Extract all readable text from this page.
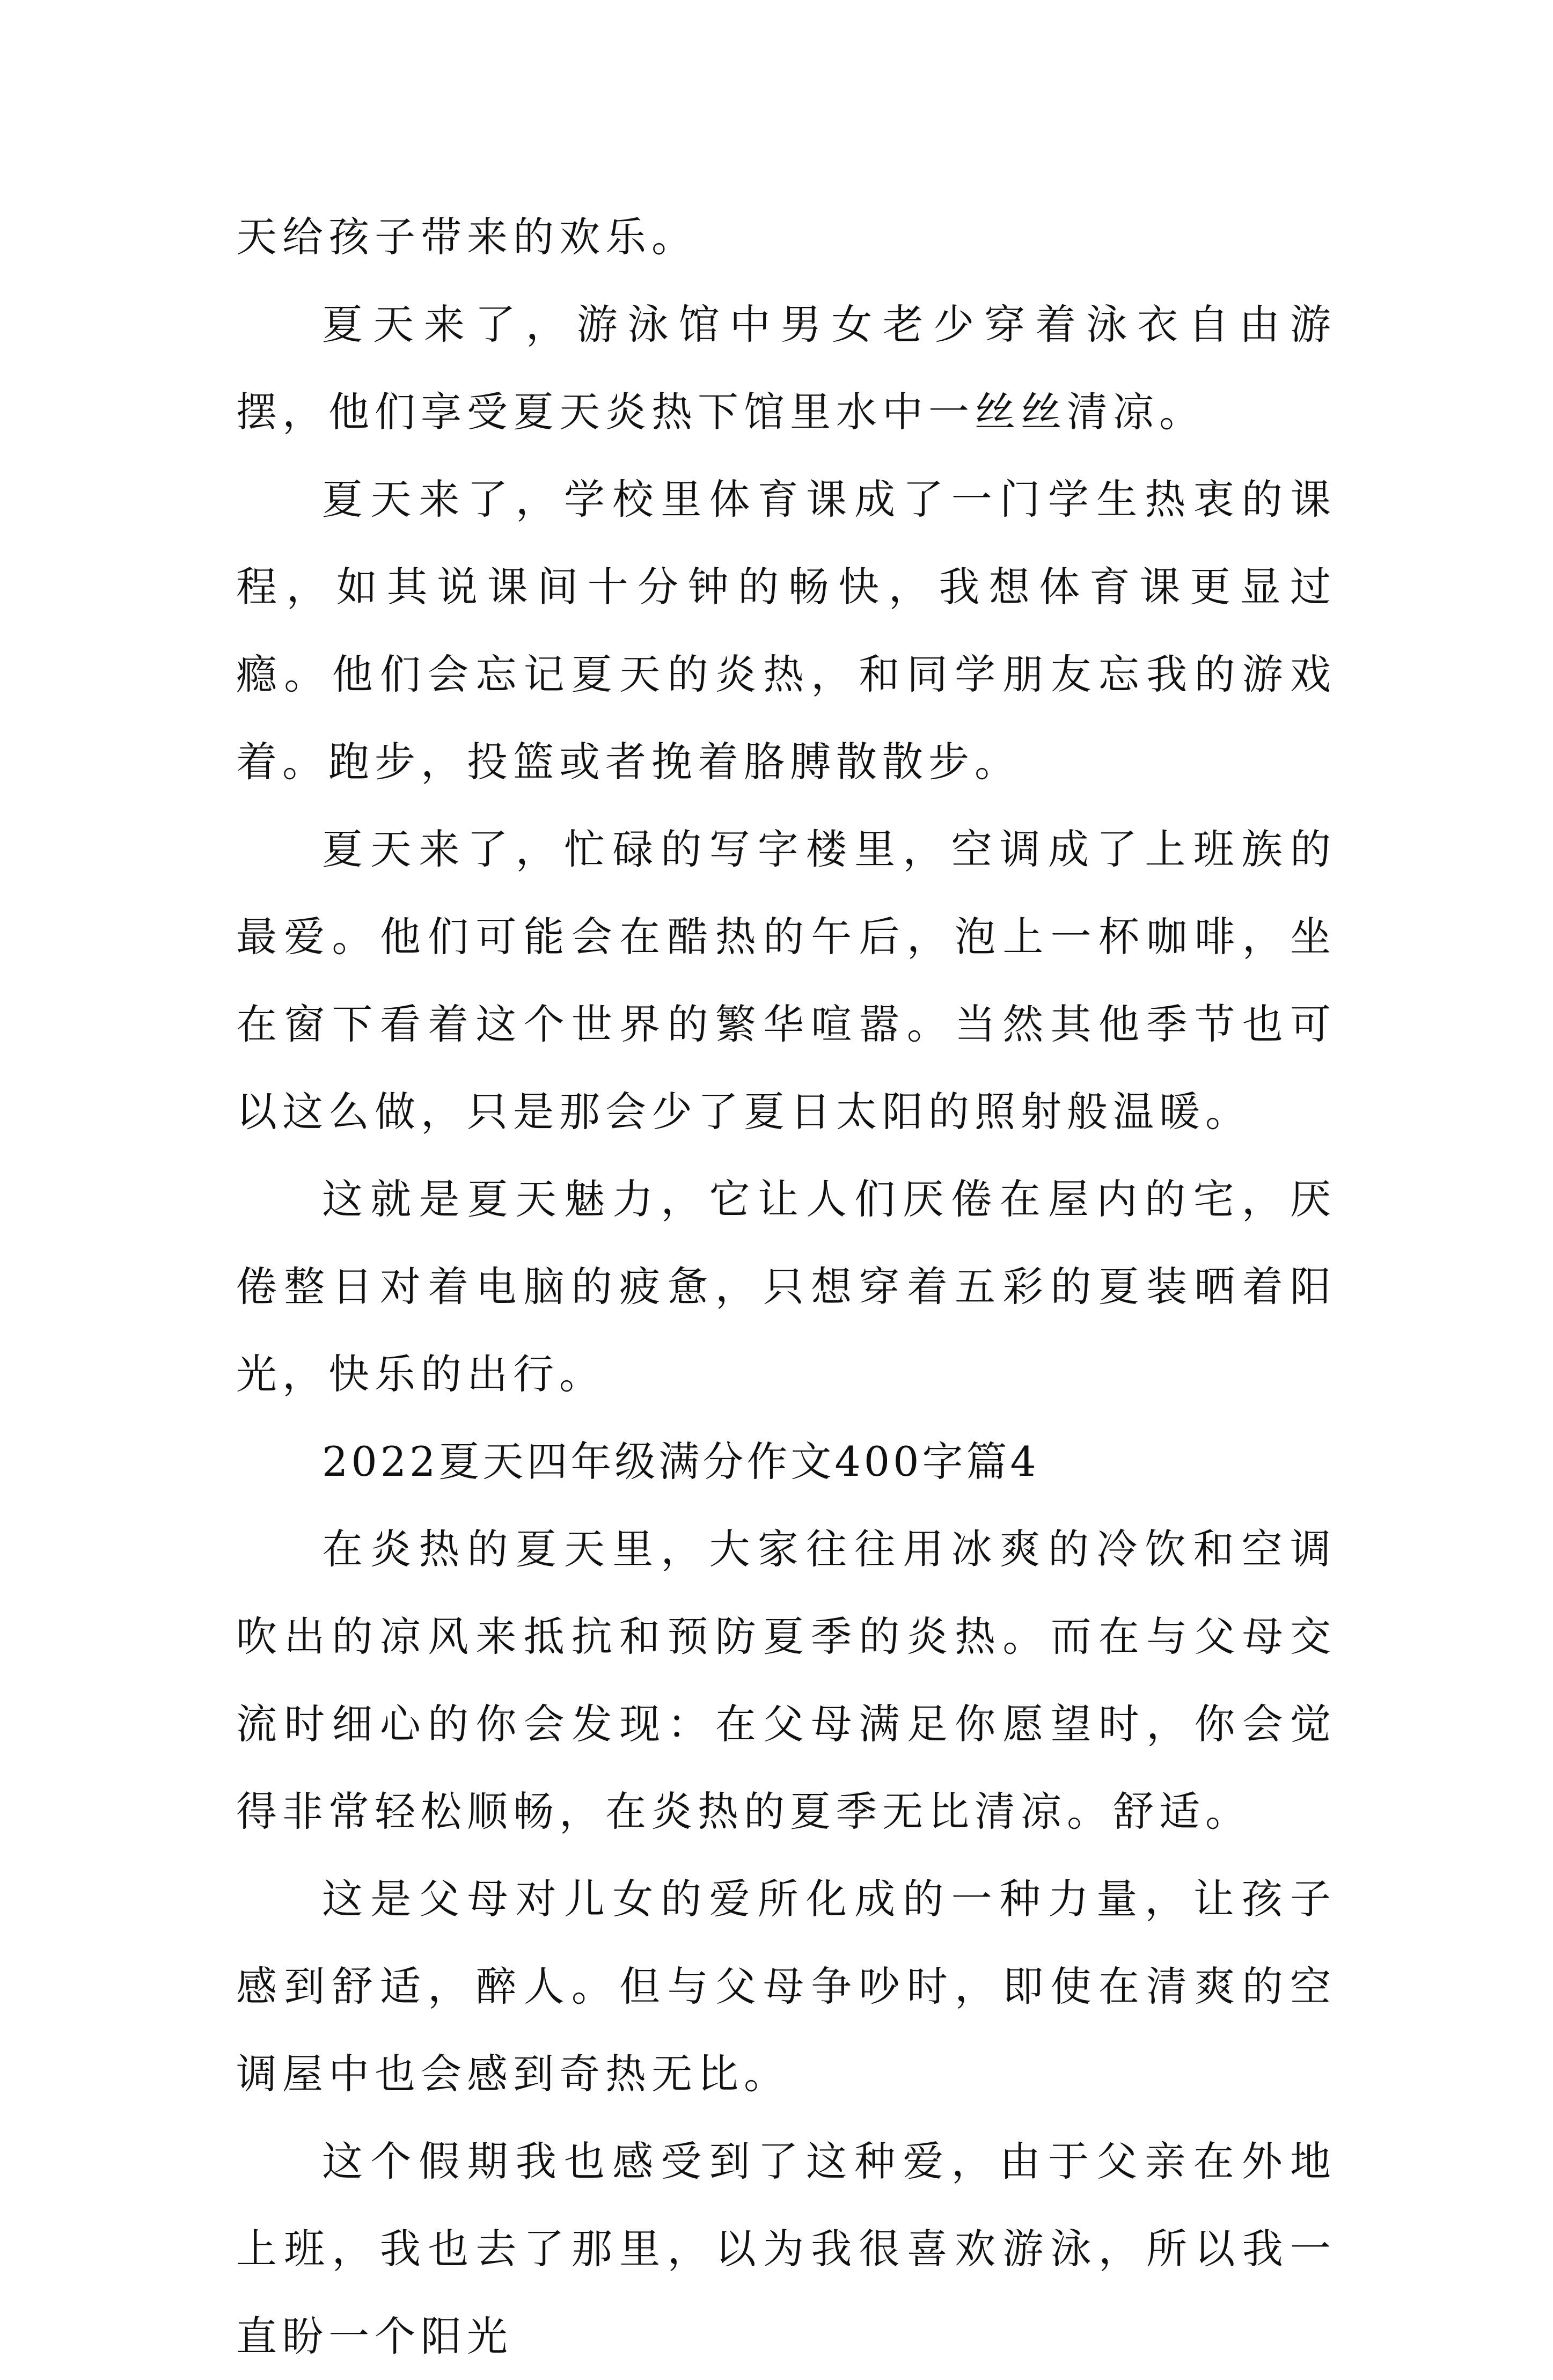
天给孩子带来的欢乐。

夏天来了，游泳馆中男女老少穿着泳衣自由游摆，他们享受夏天炎热下馆里水中一丝丝清凉。

夏天来了，学校里体育课成了一门学生热衷的课程，如其说课间十分钟的畅快，我想体育课更显过瘾。他们会忘记夏天的炎热，和同学朋友忘我的游戏着。跑步，投篮或者挽着胳膊散散步。

夏天来了，忙碌的写字楼里，空调成了上班族的最爱。他们可能会在酷热的午后，泡上一杯咖啡，坐在窗下看着这个世界的繁华喧嚣。当然其他季节也可以这么做，只是那会少了夏日太阳的照射般温暖。

这就是夏天魅力，它让人们厌倦在屋内的宅，厌倦整日对着电脑的疲惫，只想穿着五彩的夏装晒着阳光，快乐的出行。

2022夏天四年级满分作文400字篇4

在炎热的夏天里，大家往往用冰爽的冷饮和空调吹出的凉风来抵抗和预防夏季的炎热。而在与父母交流时细心的你会发现：在父母满足你愿望时，你会觉得非常轻松顺畅，在炎热的夏季无比清凉。舒适。

这是父母对儿女的爱所化成的一种力量，让孩子感到舒适，醉人。但与父母争吵时，即使在清爽的空调屋中也会感到奇热无比。

这个假期我也感受到了这种爱，由于父亲在外地上班，我也去了那里，以为我很喜欢游泳，所以我一直盼一个阳光
